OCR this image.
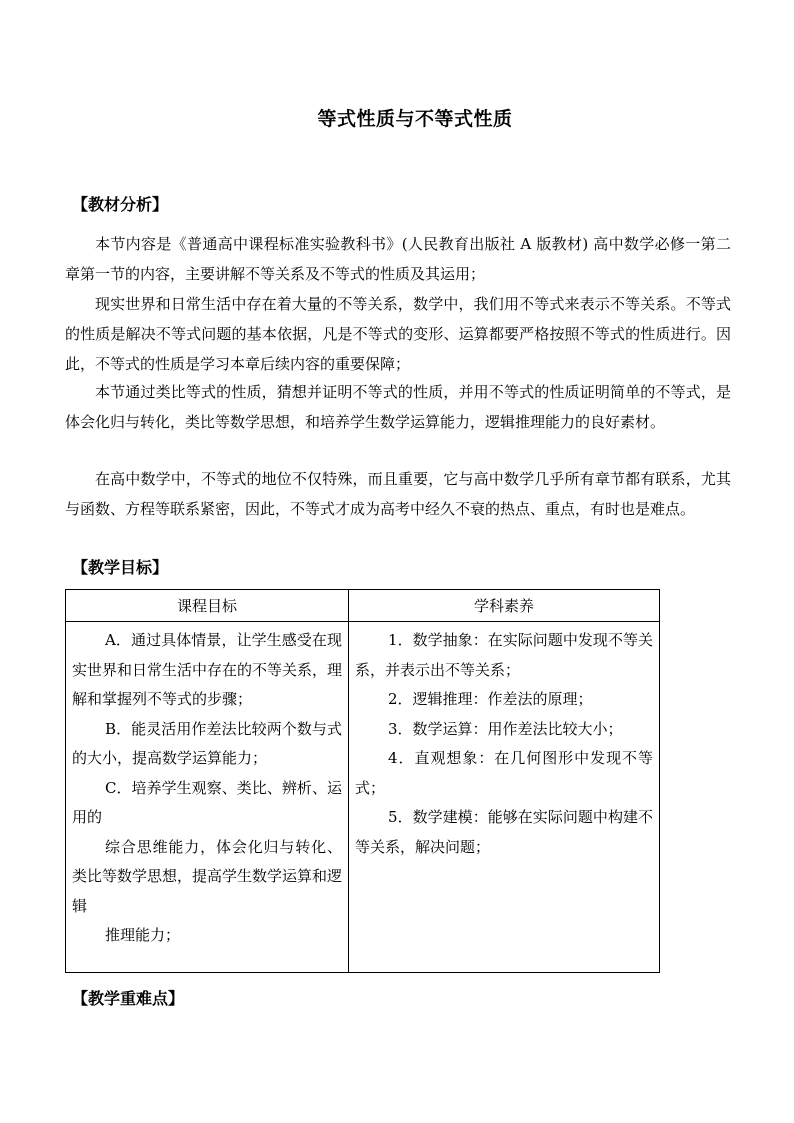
等式性质与不等式性质
【教材分析】
本节内容是《普通高中课程标准实验教科书》(人民教育出版社 A 版教材) 高中数学必修一第二章第一节的内容，主要讲解不等关系及不等式的性质及其运用；
现实世界和日常生活中存在着大量的不等关系，数学中，我们用不等式来表示不等关系。不等式的性质是解决不等式问题的基本依据，凡是不等式的变形、运算都要严格按照不等式的性质进行。因此，不等式的性质是学习本章后续内容的重要保障；
本节通过类比等式的性质，猜想并证明不等式的性质，并用不等式的性质证明简单的不等式，是体会化归与转化，类比等数学思想，和培养学生数学运算能力，逻辑推理能力的良好素材。
在高中数学中，不等式的地位不仅特殊，而且重要，它与高中数学几乎所有章节都有联系，尤其与函数、方程等联系紧密，因此，不等式才成为高考中经久不衰的热点、重点，有时也是难点。
【教学目标】
课程目标	学科素养

A．通过具体情景，让学生感受在现实世界和日常生活中存在的不等关系，理解和掌握列不等式的步骤；
B．能灵活用作差法比较两个数与式的大小，提高数学运算能力；
C．培养学生观察、类比、辨析、运用的
综合思维能力，体会化归与转化、类比等数学思想，提高学生数学运算和逻辑
推理能力；	1．数学抽象：在实际问题中发现不等关系，并表示出不等关系；
2．逻辑推理：作差法的原理；
3．数学运算：用作差法比较大小；
4．直观想象：在几何图形中发现不等式；
5．数学建模：能够在实际问题中构建不等关系，解决问题；
【教学重难点】
